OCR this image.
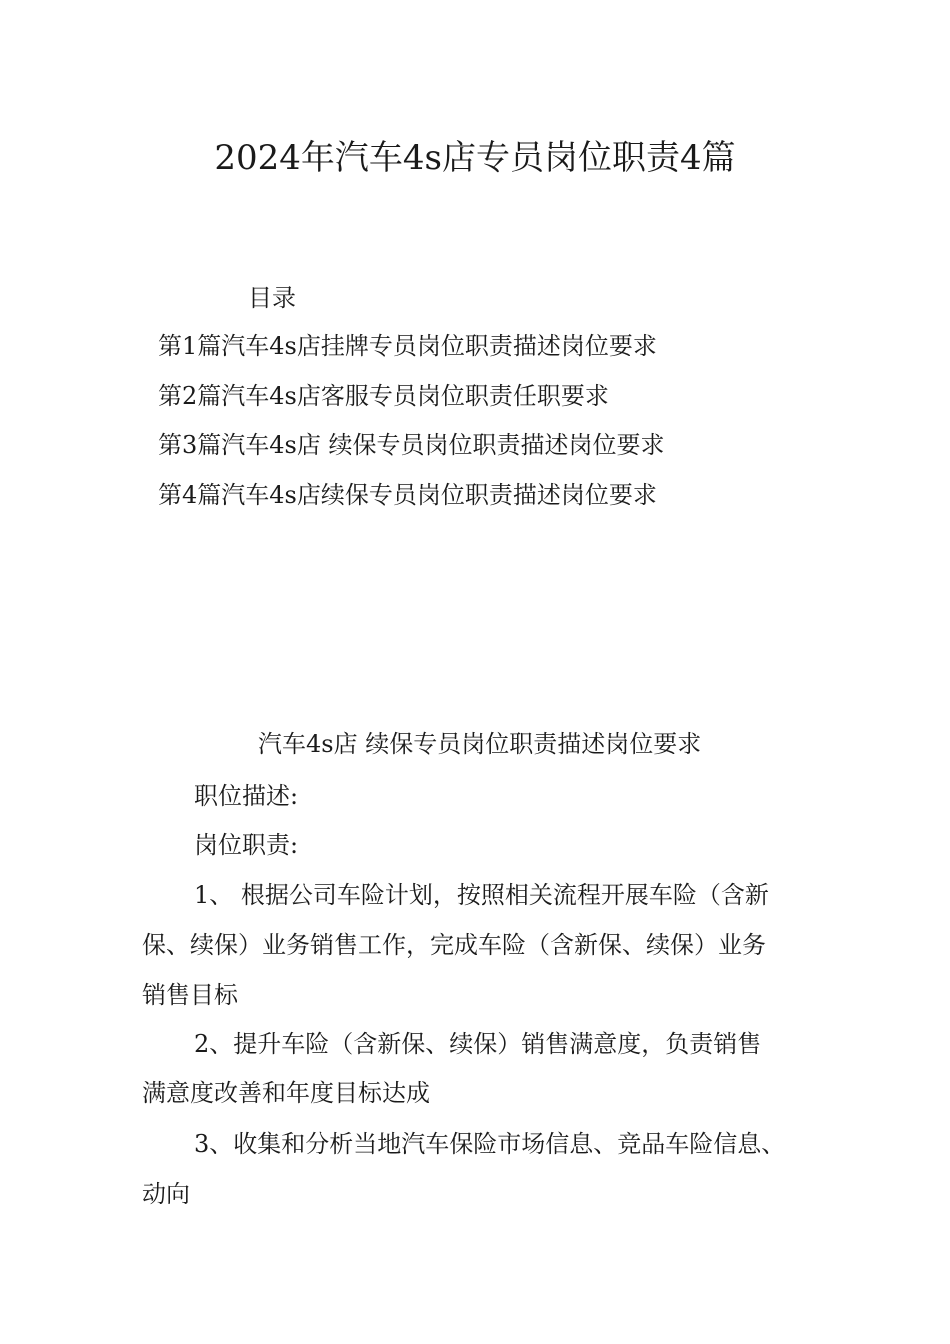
2024年汽车4s店专员岗位职责4篇
目录
第1篇汽车4s店挂牌专员岗位职责描述岗位要求
第2篇汽车4s店客服专员岗位职责任职要求
第3篇汽车4s店 续保专员岗位职责描述岗位要求
第4篇汽车4s店续保专员岗位职责描述岗位要求
汽车4s店 续保专员岗位职责描述岗位要求
职位描述:
岗位职责:
1、 根据公司车险计划，按照相关流程开展车险（含新
保、续保）业务销售工作，完成车险（含新保、续保）业务
销售目标
2、提升车险（含新保、续保）销售满意度，负责销售
满意度改善和年度目标达成
3、收集和分析当地汽车保险市场信息、竞品车险信息、
动向
